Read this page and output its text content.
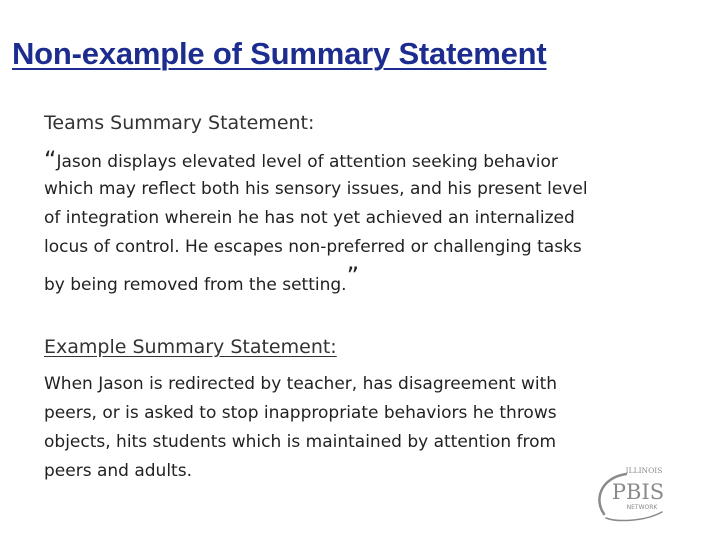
Non-example of Summary Statement
Teams Summary Statement:
“Jason displays elevated level of attention seeking behavior
which may reflect both his sensory issues, and his present level
of integration wherein he has not yet achieved an internalized
locus of control. He escapes non-preferred or challenging tasks
by being removed from the setting.”
Example Summary Statement:
When Jason is redirected by teacher, has disagreement with
peers, or is asked to stop inappropriate behaviors he throws
objects, hits students which is maintained by attention from
peers and adults.	ILLINOIS
PBIS
NETWORK
